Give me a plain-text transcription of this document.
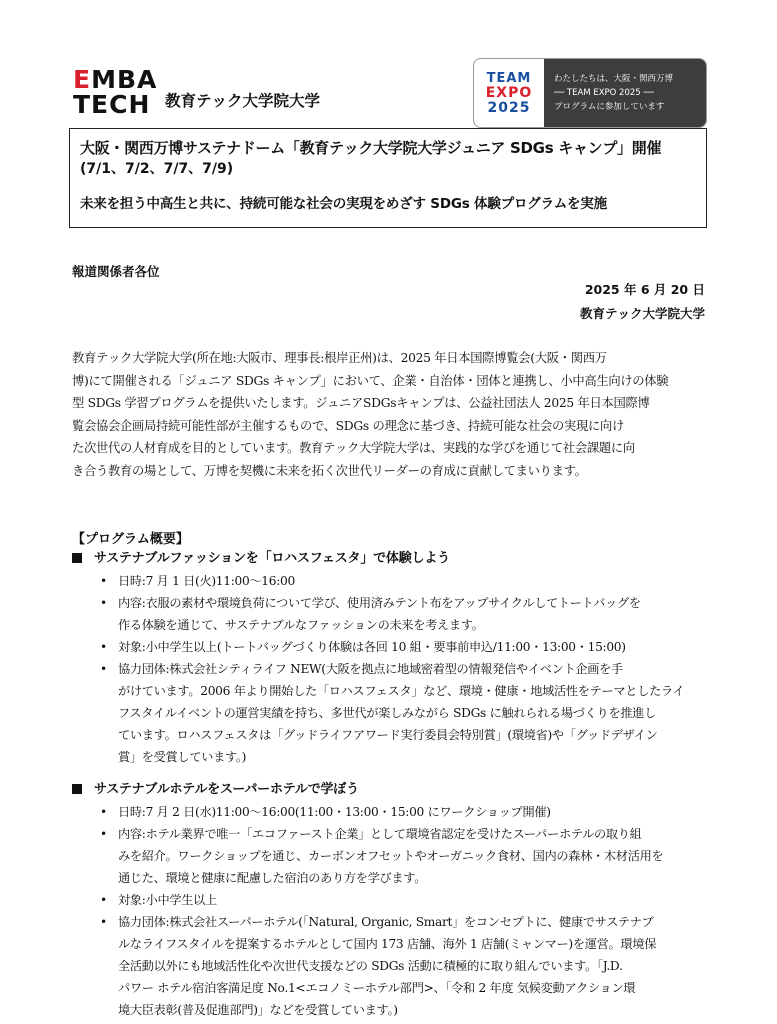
EMBA
TECH 教育テック大学院大学
TEAM
EXPO
2025
わたしたちは、大阪・関西万博
── TEAM EXPO 2025 ──
プログラムに参加しています
大阪・関西万博サステナドーム「教育テック大学院大学ジュニア SDGs キャンプ」開催
(7/1、7/2、7/7、7/9)
未来を担う中高生と共に、持続可能な社会の実現をめざす SDGs 体験プログラムを実施
報道関係者各位
2025 年 6 月 20 日
教育テック大学院大学
教育テック大学院大学(所在地:大阪市、理事長:根岸正州)は、2025 年日本国際博覧会(大阪・関西万
博)にて開催される「ジュニア SDGs キャンプ」において、企業・自治体・団体と連携し、小中高生向けの体験
型 SDGs 学習プログラムを提供いたします。ジュニアSDGsキャンプは、公益社団法人 2025 年日本国際博
覧会協会企画局持続可能性部が主催するもので、SDGs の理念に基づき、持続可能な社会の実現に向け
た次世代の人材育成を目的としています。教育テック大学院大学は、実践的な学びを通じて社会課題に向
き合う教育の場として、万博を契機に未来を拓く次世代リーダーの育成に貢献してまいります。
【プログラム概要】
サステナブルファッションを「ロハスフェスタ」で体験しよう
• 日時:7 月 1 日(火)11:00〜16:00
• 内容:衣服の素材や環境負荷について学び、使用済みテント布をアップサイクルしてトートバッグを
作る体験を通じて、サステナブルなファッションの未来を考えます。
• 対象:小中学生以上(トートバッグづくり体験は各回 10 組・要事前申込/11:00・13:00・15:00)
• 協力団体:株式会社シティライフ NEW(大阪を拠点に地域密着型の情報発信やイベント企画を手
がけています。2006 年より開始した「ロハスフェスタ」など、環境・健康・地域活性をテーマとしたライ
フスタイルイベントの運営実績を持ち、多世代が楽しみながら SDGs に触れられる場づくりを推進し
ています。ロハスフェスタは「グッドライフアワード実行委員会特別賞」(環境省)や「グッドデザイン
賞」を受賞しています。)
サステナブルホテルをスーパーホテルで学ぼう
• 日時:7 月 2 日(水)11:00〜16:00(11:00・13:00・15:00 にワークショップ開催)
• 内容:ホテル業界で唯一「エコファースト企業」として環境省認定を受けたスーパーホテルの取り組
みを紹介。ワークショップを通じ、カーボンオフセットやオーガニック食材、国内の森林・木材活用を
通じた、環境と健康に配慮した宿泊のあり方を学びます。
• 対象:小中学生以上
• 協力団体:株式会社スーパーホテル(「Natural, Organic, Smart」をコンセプトに、健康でサステナブ
ルなライフスタイルを提案するホテルとして国内 173 店舗、海外 1 店舗(ミャンマー)を運営。環境保
全活動以外にも地域活性化や次世代支援などの SDGs 活動に積極的に取り組んでいます。「J.D.
パワー ホテル宿泊客満足度 No.1<エコノミーホテル部門>、「令和 2 年度 気候変動アクション環
境大臣表彰(普及促進部門)」などを受賞しています。)
